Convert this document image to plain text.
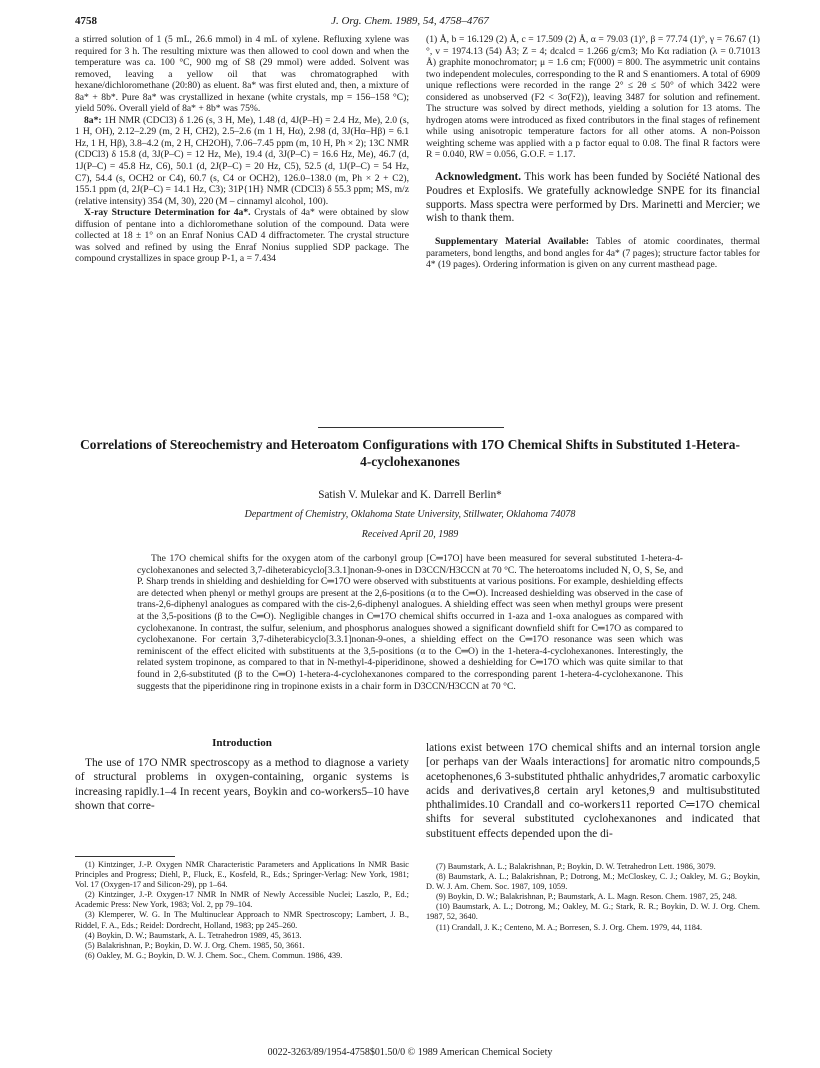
4758	J. Org. Chem. 1989, 54, 4758–4767

a stirred solution of 1 (5 mL, 26.6 mmol) in 4 mL of xylene. Refluxing xylene was required for 3 h. The resulting mixture was then allowed to cool down and when the temperature was ca. 100 °C, 900 mg of S8 (29 mmol) were added. Solvent was removed, leaving a yellow oil that was chromatographed with hexane/dichloromethane (20:80) as eluent. 8a* was first eluted and, then, a mixture of 8a* + 8b*. Pure 8a* was crystallized in hexane (white crystals, mp = 156–158 °C); yield 50%. Overall yield of 8a* + 8b* was 75%.

8a*: 1H NMR (CDCl3) δ 1.26 (s, 3 H, Me), 1.48 (d, 4J(P–H) = 2.4 Hz, Me), 2.0 (s, 1 H, OH), 2.12–2.29 (m, 2 H, CH2), 2.5–2.6 (m 1 H, Hα), 2.98 (d, 3J(Hα–Hβ) = 6.1 Hz, 1 H, Hβ), 3.8–4.2 (m, 2 H, CH2OH), 7.06–7.45 ppm (m, 10 H, Ph × 2); 13C NMR (CDCl3) δ 15.8 (d, 3J(P–C) = 12 Hz, Me), 19.4 (d, 3J(P–C) = 16.6 Hz, Me), 46.7 (d, 1J(P–C) = 45.8 Hz, C6), 50.1 (d, 2J(P–C) = 20 Hz, C5), 52.5 (d, 1J(P–C) = 54 Hz, C7), 54.4 (s, OCH2 or C4), 60.7 (s, C4 or OCH2), 126.0–138.0 (m, Ph × 2 + C2), 155.1 ppm (d, 2J(P–C) = 14.1 Hz, C3); 31P{1H} NMR (CDCl3) δ 55.3 ppm; MS, m/z (relative intensity) 354 (M, 30), 220 (M – cinnamyl alcohol, 100).

X-ray Structure Determination for 4a*. Crystals of 4a* were obtained by slow diffusion of pentane into a dichloromethane solution of the compound. Data were collected at 18 ± 1° on an Enraf Nonius CAD 4 diffractometer. The crystal structure was solved and refined by using the Enraf Nonius supplied SDP package. The compound crystallizes in space group P-1, a = 7.434

(1) Å, b = 16.129 (2) Å, c = 17.509 (2) Å, α = 79.03 (1)°, β = 77.74 (1)°, γ = 76.67 (1)°, v = 1974.13 (54) Å3; Z = 4; dcalcd = 1.266 g/cm3; Mo Kα radiation (λ = 0.71013 Å) graphite monochromator; μ = 1.6 cm; F(000) = 800. The asymmetric unit contains two independent molecules, corresponding to the R and S enantiomers. A total of 6909 unique reflections were recorded in the range 2° ≤ 2θ ≤ 50° of which 3422 were considered as unobserved (F2 < 3σ(F2)), leaving 3487 for solution and refinement. The structure was solved by direct methods, yielding a solution for 13 atoms. The hydrogen atoms were introduced as fixed contributors in the final stages of refinement while using anisotropic temperature factors for all other atoms. A non-Poisson weighting scheme was applied with a p factor equal to 0.08. The final R factors were R = 0.040, RW = 0.056, G.O.F. = 1.17.

Acknowledgment. This work has been funded by Société National des Poudres et Explosifs. We gratefully acknowledge SNPE for its financial supports. Mass spectra were performed by Drs. Marinetti and Mercier; we wish to thank them.

Supplementary Material Available: Tables of atomic coordinates, thermal parameters, bond lengths, and bond angles for 4a* (7 pages); structure factor tables for 4* (19 pages). Ordering information is given on any current masthead page.

Correlations of Stereochemistry and Heteroatom Configurations with 17O Chemical Shifts in Substituted 1-Hetera-4-cyclohexanones
Satish V. Mulekar and K. Darrell Berlin*
Department of Chemistry, Oklahoma State University, Stillwater, Oklahoma 74078
Received April 20, 1989

The 17O chemical shifts for the oxygen atom of the carbonyl group [C═17O] have been measured for several substituted 1-hetera-4-cyclohexanones and selected 3,7-diheterabicyclo[3.3.1]nonan-9-ones in D3CCN/H3CCN at 70 °C. The heteroatoms included N, O, S, Se, and P. Sharp trends in shielding and deshielding for C═17O were observed with substituents at various positions. For example, deshielding effects are detected when phenyl or methyl groups are present at the 2,6-positions (α to the C═O). Increased deshielding was observed in the case of trans-2,6-diphenyl analogues as compared with the cis-2,6-diphenyl analogues. A shielding effect was seen when methyl groups were present at the 3,5-positions (β to the C═O). Negligible changes in C═17O chemical shifts occurred in 1-aza and 1-oxa analogues as compared with cyclohexanone. In contrast, the sulfur, selenium, and phosphorus analogues showed a significant downfield shift for C═17O as compared to cyclohexanone. For certain 3,7-diheterabicyclo[3.3.1]nonan-9-ones, a shielding effect on the C═17O resonance was seen which was reminiscent of the effect elicited with substituents at the 3,5-positions (α to the C═O) in the 1-hetera-4-cyclohexanones. Interestingly, the related system tropinone, as compared to that in N-methyl-4-piperidinone, showed a deshielding for C═17O which was quite similar to that found in 2,6-substituted (β to the C═O) 1-hetera-4-cyclohexanones compared to the corresponding parent 1-hetera-4-cyclohexanone. This suggests that the piperidinone ring in tropinone exists in a chair form in D3CCN/H3CCN at 70 °C.

Introduction

The use of 17O NMR spectroscopy as a method to diagnose a variety of structural problems in oxygen-containing, organic systems is increasing rapidly.1–4 In recent years, Boykin and co-workers5–10 have shown that corre-

lations exist between 17O chemical shifts and an internal torsion angle [or perhaps van der Waals interactions] for aromatic nitro compounds,5 acetophenones,6 3-substituted phthalic anhydrides,7 aromatic carboxylic acids and derivatives,8 certain aryl ketones,9 and multisubstituted phthalimides.10 Crandall and co-workers11 reported C═17O chemical shifts for several substituted cyclohexanones and indicated that substituent effects depended upon the di-

(1) Kintzinger, J.-P. Oxygen NMR Characteristic Parameters and Applications In NMR Basic Principles and Progress; Diehl, P., Fluck, E., Kosfeld, R., Eds.; Springer-Verlag: New York, 1981; Vol. 17 (Oxygen-17 and Silicon-29), pp 1–64.

(2) Kintzinger, J.-P. Oxygen-17 NMR In NMR of Newly Accessible Nuclei; Laszlo, P., Ed.; Academic Press: New York, 1983; Vol. 2, pp 79–104.

(3) Klemperer, W. G. In The Multinuclear Approach to NMR Spectroscopy; Lambert, J. B., Riddel, F. A., Eds.; Reidel: Dordrecht, Holland, 1983; pp 245–260.

(4) Boykin, D. W.; Baumstark, A. L. Tetrahedron 1989, 45, 3613.

(5) Balakrishnan, P.; Boykin, D. W. J. Org. Chem. 1985, 50, 3661.

(6) Oakley, M. G.; Boykin, D. W. J. Chem. Soc., Chem. Commun. 1986, 439.

(7) Baumstark, A. L.; Balakrishnan, P.; Boykin, D. W. Tetrahedron Lett. 1986, 3079.

(8) Baumstark, A. L.; Balakrishnan, P.; Dotrong, M.; McCloskey, C. J.; Oakley, M. G.; Boykin, D. W. J. Am. Chem. Soc. 1987, 109, 1059.

(9) Boykin, D. W.; Balakrishnan, P.; Baumstark, A. L. Magn. Reson. Chem. 1987, 25, 248.

(10) Baumstark, A. L.; Dotrong, M.; Oakley, M. G.; Stark, R. R.; Boykin, D. W. J. Org. Chem. 1987, 52, 3640.

(11) Crandall, J. K.; Centeno, M. A.; Borresen, S. J. Org. Chem. 1979, 44, 1184.

0022-3263/89/1954-4758$01.50/0 © 1989 American Chemical Society
